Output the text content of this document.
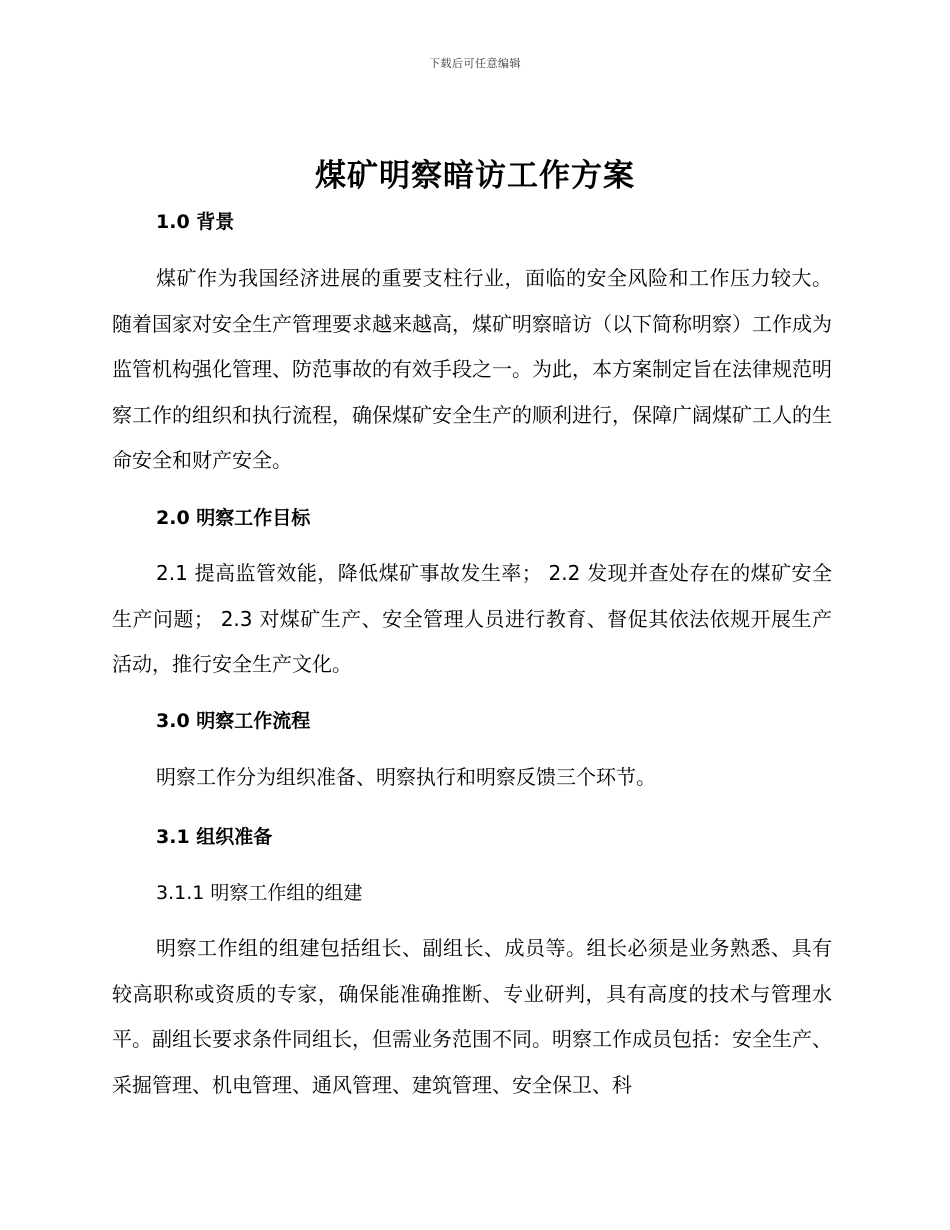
下载后可任意编辑
煤矿明察暗访工作方案
1.0 背景

煤矿作为我国经济进展的重要支柱行业，面临的安全风险和工作压力较大。随着国家对安全生产管理要求越来越高，煤矿明察暗访（以下简称明察）工作成为监管机构强化管理、防范事故的有效手段之一。为此，本方案制定旨在法律规范明察工作的组织和执行流程，确保煤矿安全生产的顺利进行，保障广阔煤矿工人的生命安全和财产安全。

2.0 明察工作目标

2.1 提高监管效能，降低煤矿事故发生率； 2.2 发现并查处存在的煤矿安全生产问题； 2.3 对煤矿生产、安全管理人员进行教育、督促其依法依规开展生产活动，推行安全生产文化。

3.0 明察工作流程

明察工作分为组织准备、明察执行和明察反馈三个环节。

3.1 组织准备
3.1.1 明察工作组的组建

明察工作组的组建包括组长、副组长、成员等。组长必须是业务熟悉、具有较高职称或资质的专家，确保能准确推断、专业研判，具有高度的技术与管理水平。副组长要求条件同组长，但需业务范围不同。明察工作成员包括：安全生产、采掘管理、机电管理、通风管理、建筑管理、安全保卫、科
